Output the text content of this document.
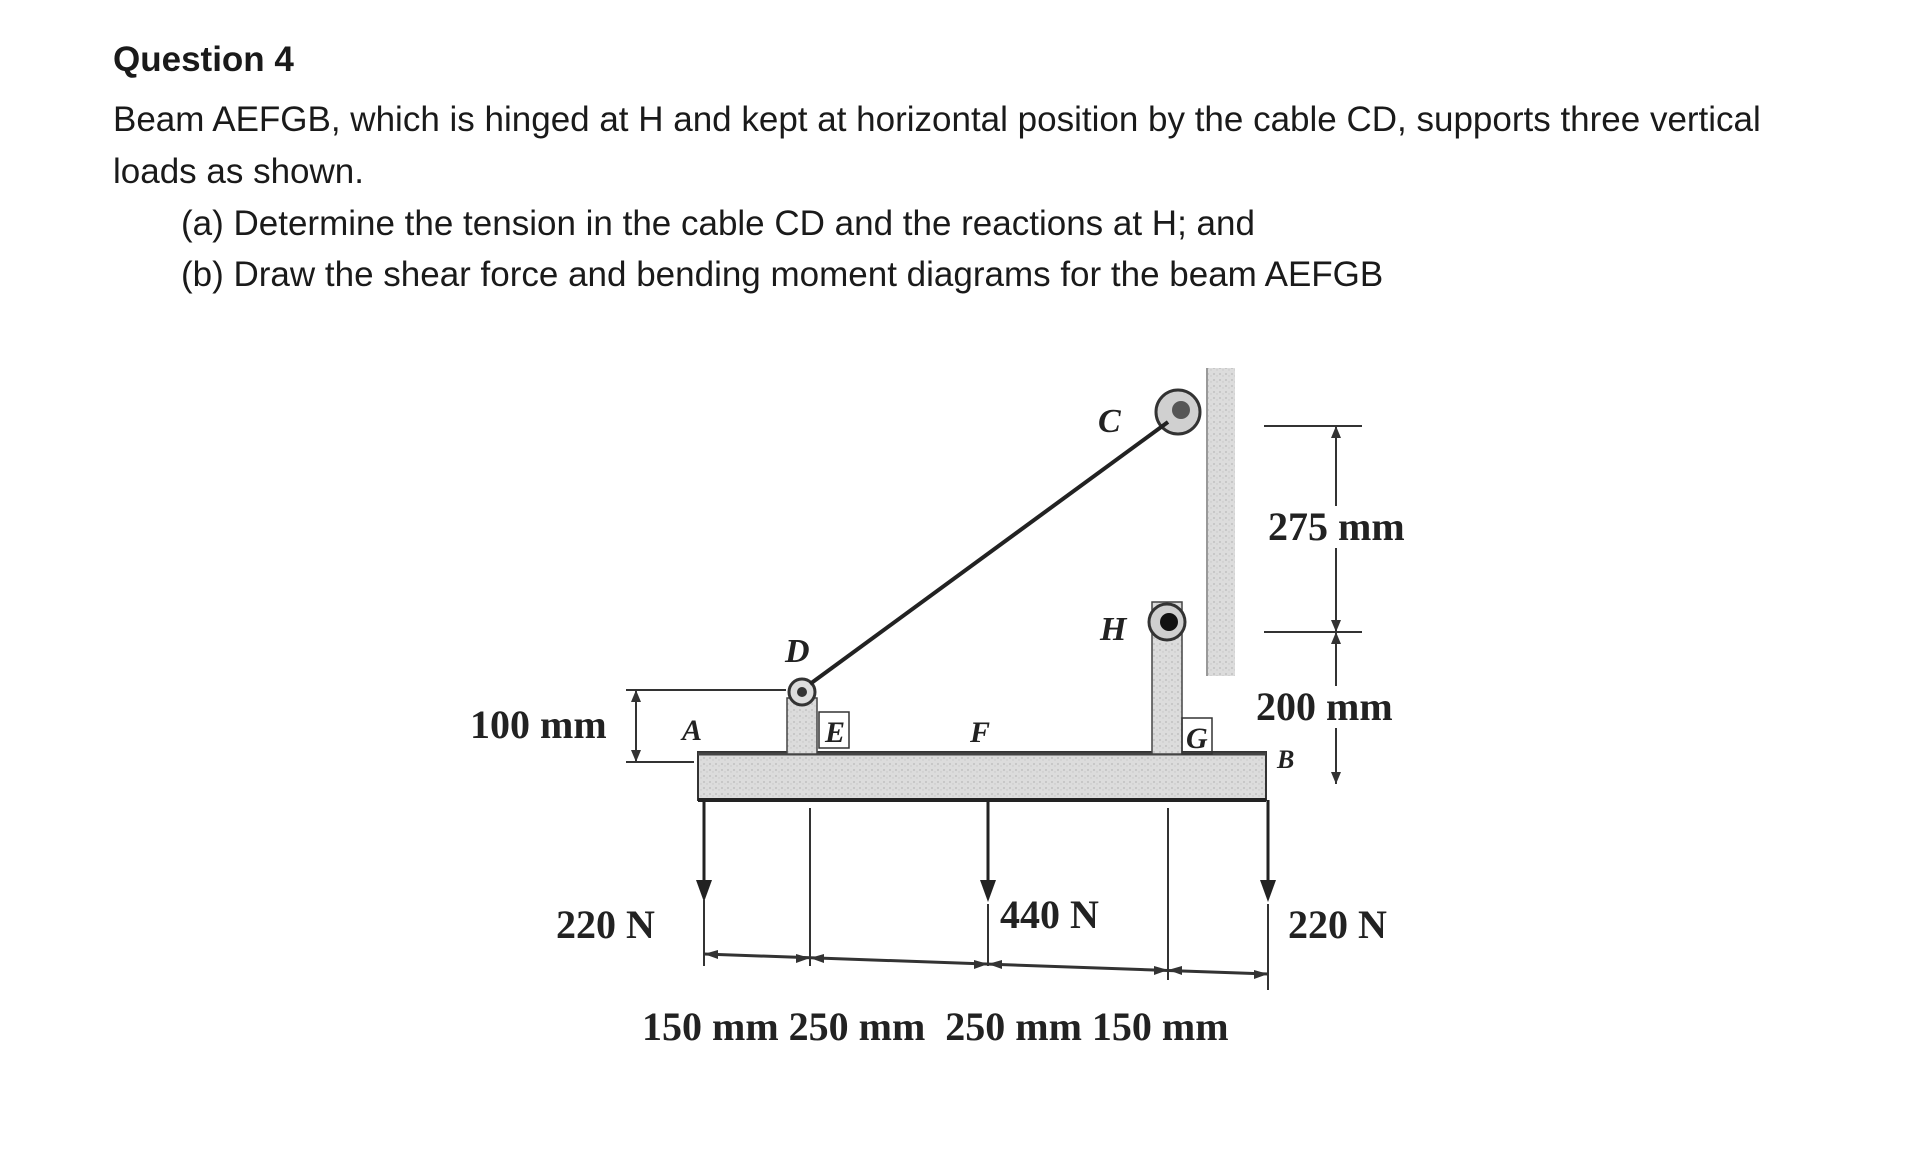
Question 4

Beam AEFGB, which is hinged at H and kept at horizontal position by the cable CD, supports three vertical loads as shown.

(a) Determine the tension in the cable CD and the reactions at H; and
(b) Draw the shear force and bending moment diagrams for the beam AEFGB
C
H
D
A	E	F	G
B
100 mm
275 mm
200 mm
220 N	440 N	220 N
150 mm 250 mm  250 mm 150 mm
